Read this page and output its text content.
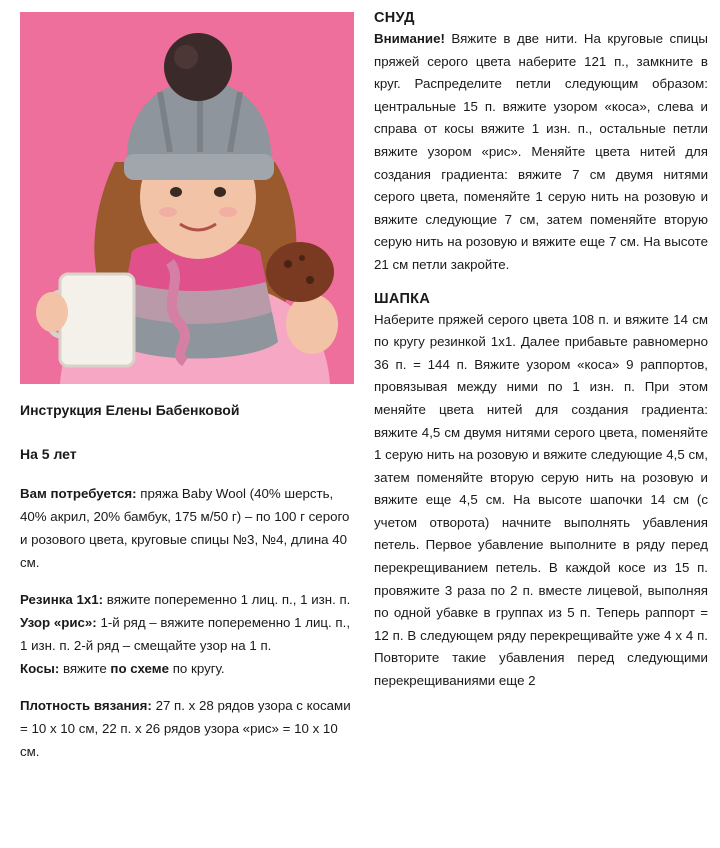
Инструкция Елены Бабенковой

На 5 лет

Вам потребуется: пряжа Baby Wool (40% шерсть, 40% акрил, 20% бамбук, 175 м/50 г) – по 100 г серого и розового цвета, круговые спицы №3, №4, длина 40 см.

Резинка 1x1: вяжите попеременно 1 лиц. п., 1 изн. п.

Узор «рис»: 1-й ряд – вяжите попеременно 1 лиц. п., 1 изн. п. 2-й ряд – смещайте узор на 1 п.

Косы: вяжите по схеме по кругу.

Плотность вязания: 27 п. х 28 рядов узора с косами = 10 х 10 см, 22 п. х 26 рядов узора «рис» = 10 х 10 см.

СНУД

Внимание! Вяжите в две нити. На круговые спицы пряжей серого цвета наберите 121 п., замкните в круг. Распределите петли следующим образом: центральные 15 п. вяжите узором «коса», слева и справа от косы вяжите 1 изн. п., остальные петли вяжите узором «рис». Меняйте цвета нитей для создания градиента: вяжите 7 см двумя нитями серого цвета, поменяйте 1 серую нить на розовую и вяжите следующие 7 см, затем поменяйте вторую серую нить на розовую и вяжите еще 7 см. На высоте 21 см петли закройте.

ШАПКА

Наберите пряжей серого цвета 108 п. и вяжите 14 см по кругу резинкой 1x1. Далее прибавьте равномерно 36 п. = 144 п. Вяжите узором «коса» 9 раппортов, провязывая между ними по 1 изн. п. При этом меняйте цвета нитей для создания градиента: вяжите 4,5 см двумя нитями серого цвета, поменяйте 1 серую нить на розовую и вяжите следующие 4,5 см, затем поменяйте вторую серую нить на розовую и вяжите еще 4,5 см. На высоте шапочки 14 см (с учетом отворота) начните выполнять убавления петель. Первое убавление выполните в ряду перед перекрещиванием петель. В каждой косе из 15 п. провяжите 3 раза по 2 п. вместе лицевой, выполняя по одной убавке в группах из 5 п. Теперь раппорт = 12 п. В следующем ряду перекрещивайте уже 4 х 4 п. Повторите такие убавления перед следующими перекрещиваниями еще 2
